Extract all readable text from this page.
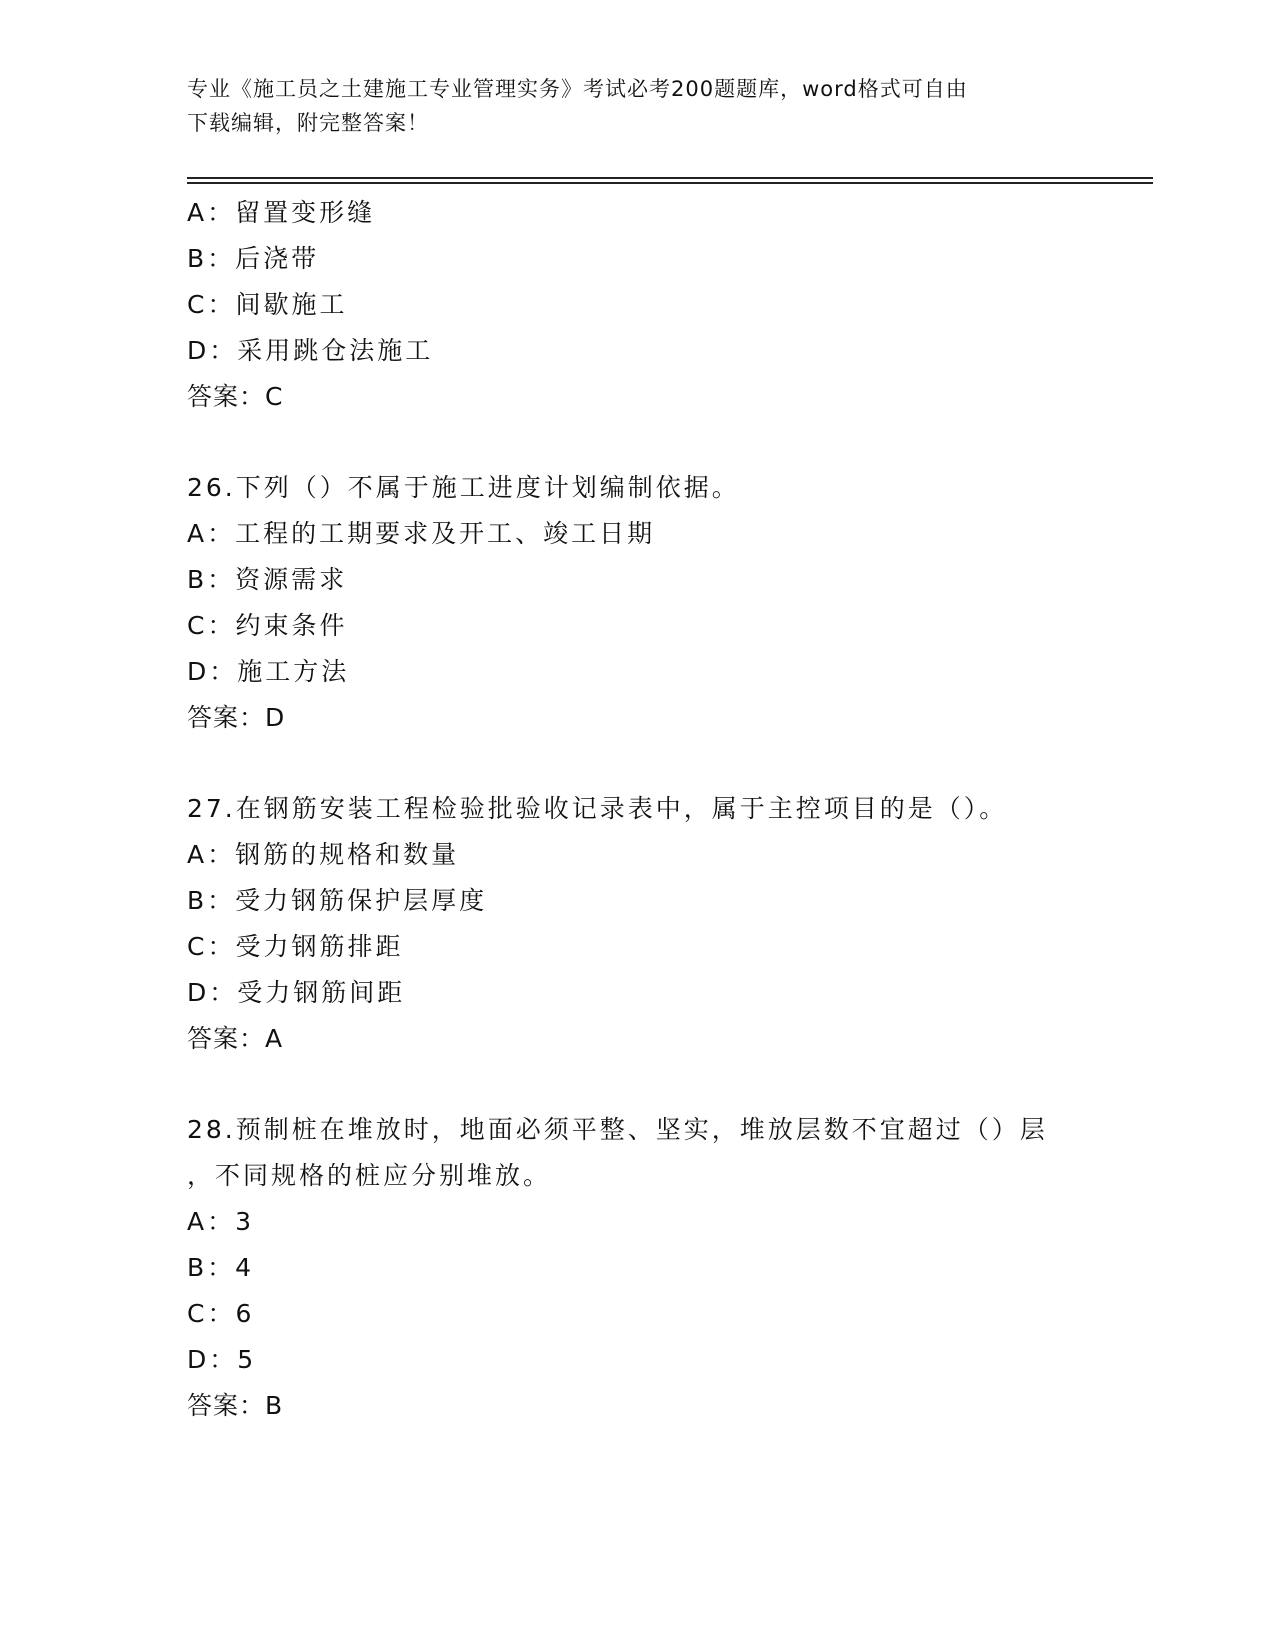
专业《施工员之土建施工专业管理实务》考试必考200题题库，word格式可自由
下载编辑，附完整答案！
A：留置变形缝
B：后浇带
C：间歇施工
D：采用跳仓法施工
答案：C
26.下列（）不属于施工进度计划编制依据。
A：工程的工期要求及开工、竣工日期
B：资源需求
C：约束条件
D：施工方法
答案：D
27.在钢筋安装工程检验批验收记录表中，属于主控项目的是（）。
A：钢筋的规格和数量
B：受力钢筋保护层厚度
C：受力钢筋排距
D：受力钢筋间距
答案：A
28.预制桩在堆放时，地面必须平整、坚实，堆放层数不宜超过（）层
，不同规格的桩应分别堆放。
A：3
B：4
C：6
D：5
答案：B
